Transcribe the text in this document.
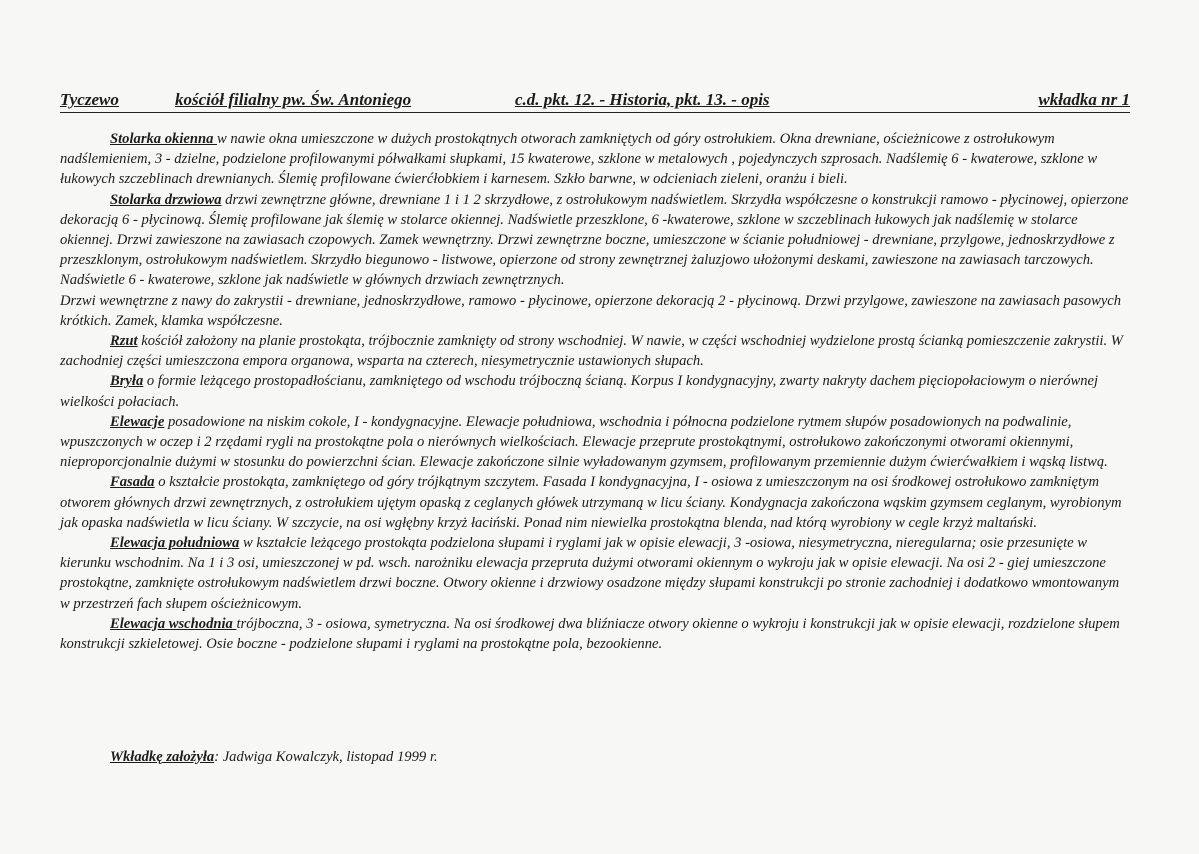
Tyczewo	kościół filialny pw. Św. Antoniego	c.d. pkt. 12. - Historia, pkt. 13. - opis	wkładka nr 1

Stolarka okienna w nawie okna umieszczone w dużych prostokątnych otworach zamkniętych od góry ostrołukiem. Okna drewniane, ościeżnicowe z ostrołukowym nadślemieniem, 3 - dzielne, podzielone profilowanymi półwałkami słupkami, 15 kwaterowe, szklone w metalowych , pojedynczych szprosach. Nadślemię 6 - kwaterowe, szklone w łukowych szczeblinach drewnianych. Ślemię profilowane ćwierćłobkiem i karnesem. Szkło barwne, w odcieniach zieleni, oranżu i bieli.

Stolarka drzwiowa drzwi zewnętrzne główne, drewniane 1 i 1 2 skrzydłowe, z ostrołukowym nadświetlem. Skrzydła współczesne o konstrukcji ramowo - płycinowej, opierzone dekoracją 6 - płycinową. Ślemię profilowane jak ślemię w stolarce okiennej. Nadświetle przeszklone, 6 -kwaterowe, szklone w szczeblinach łukowych jak nadślemię w stolarce okiennej. Drzwi zawieszone na zawiasach czopowych. Zamek wewnętrzny. Drzwi zewnętrzne boczne, umieszczone w ścianie południowej - drewniane, przylgowe, jednoskrzydłowe z przeszklonym, ostrołukowym nadświetlem. Skrzydło biegunowo - listwowe, opierzone od strony zewnętrznej żaluzjowo ułożonymi deskami, zawieszone na zawiasach tarczowych. Nadświetle 6 - kwaterowe, szklone jak nadświetle w głównych drzwiach zewnętrznych.

Drzwi wewnętrzne z nawy do zakrystii - drewniane, jednoskrzydłowe, ramowo - płycinowe, opierzone dekoracją 2 - płycinową. Drzwi przylgowe, zawieszone na zawiasach pasowych krótkich. Zamek, klamka współczesne.

Rzut kościół założony na planie prostokąta, trójbocznie zamknięty od strony wschodniej. W nawie, w części wschodniej wydzielone prostą ścianką pomieszczenie zakrystii. W zachodniej części umieszczona empora organowa, wsparta na czterech, niesymetrycznie ustawionych słupach.

Bryła o formie leżącego prostopadłościanu, zamkniętego od wschodu trójboczną ścianą. Korpus I kondygnacyjny, zwarty nakryty dachem pięciopołaciowym o nierównej wielkości połaciach.

Elewacje posadowione na niskim cokole, I - kondygnacyjne. Elewacje południowa, wschodnia i północna podzielone rytmem słupów posadowionych na podwalinie, wpuszczonych w oczep i 2 rzędami rygli na prostokątne pola o nierównych wielkościach. Elewacje przeprute prostokątnymi, ostrołukowo zakończonymi otworami okiennymi, nieproporcjonalnie dużymi w stosunku do powierzchni ścian. Elewacje zakończone silnie wyładowanym gzymsem, profilowanym przemiennie dużym ćwierćwałkiem i wąską listwą.

Fasada o kształcie prostokąta, zamkniętego od góry trójkątnym szczytem. Fasada I kondygnacyjna, I - osiowa z umieszczonym na osi środkowej ostrołukowo zamkniętym otworem głównych drzwi zewnętrznych, z ostrołukiem ujętym opaską z ceglanych główek utrzymaną w licu ściany. Kondygnacja zakończona wąskim gzymsem ceglanym, wyrobionym jak opaska nadświetla w licu ściany. W szczycie, na osi wgłębny krzyż łaciński. Ponad nim niewielka prostokątna blenda, nad którą wyrobiony w cegle krzyż maltański.

Elewacja południowa w kształcie leżącego prostokąta podzielona słupami i ryglami jak w opisie elewacji, 3 -osiowa, niesymetryczna, nieregularna; osie przesunięte w kierunku wschodnim. Na 1 i 3 osi, umieszczonej w pd. wsch. narożniku elewacja przepruta dużymi otworami okiennym o wykroju jak w opisie elewacji. Na osi 2 - giej umieszczone prostokątne, zamknięte ostrołukowym nadświetlem drzwi boczne. Otwory okienne i drzwiowy osadzone między słupami konstrukcji po stronie zachodniej i dodatkowo wmontowanym w przestrzeń fach słupem ościeżnicowym.

Elewacja wschodnia trójboczna, 3 - osiowa, symetryczna. Na osi środkowej dwa bliźniacze otwory okienne o wykroju i konstrukcji jak w opisie elewacji, rozdzielone słupem konstrukcji szkieletowej. Osie boczne - podzielone słupami i ryglami na prostokątne pola, bezookienne.

Wkładkę założyła: Jadwiga Kowalczyk, listopad 1999 r.
